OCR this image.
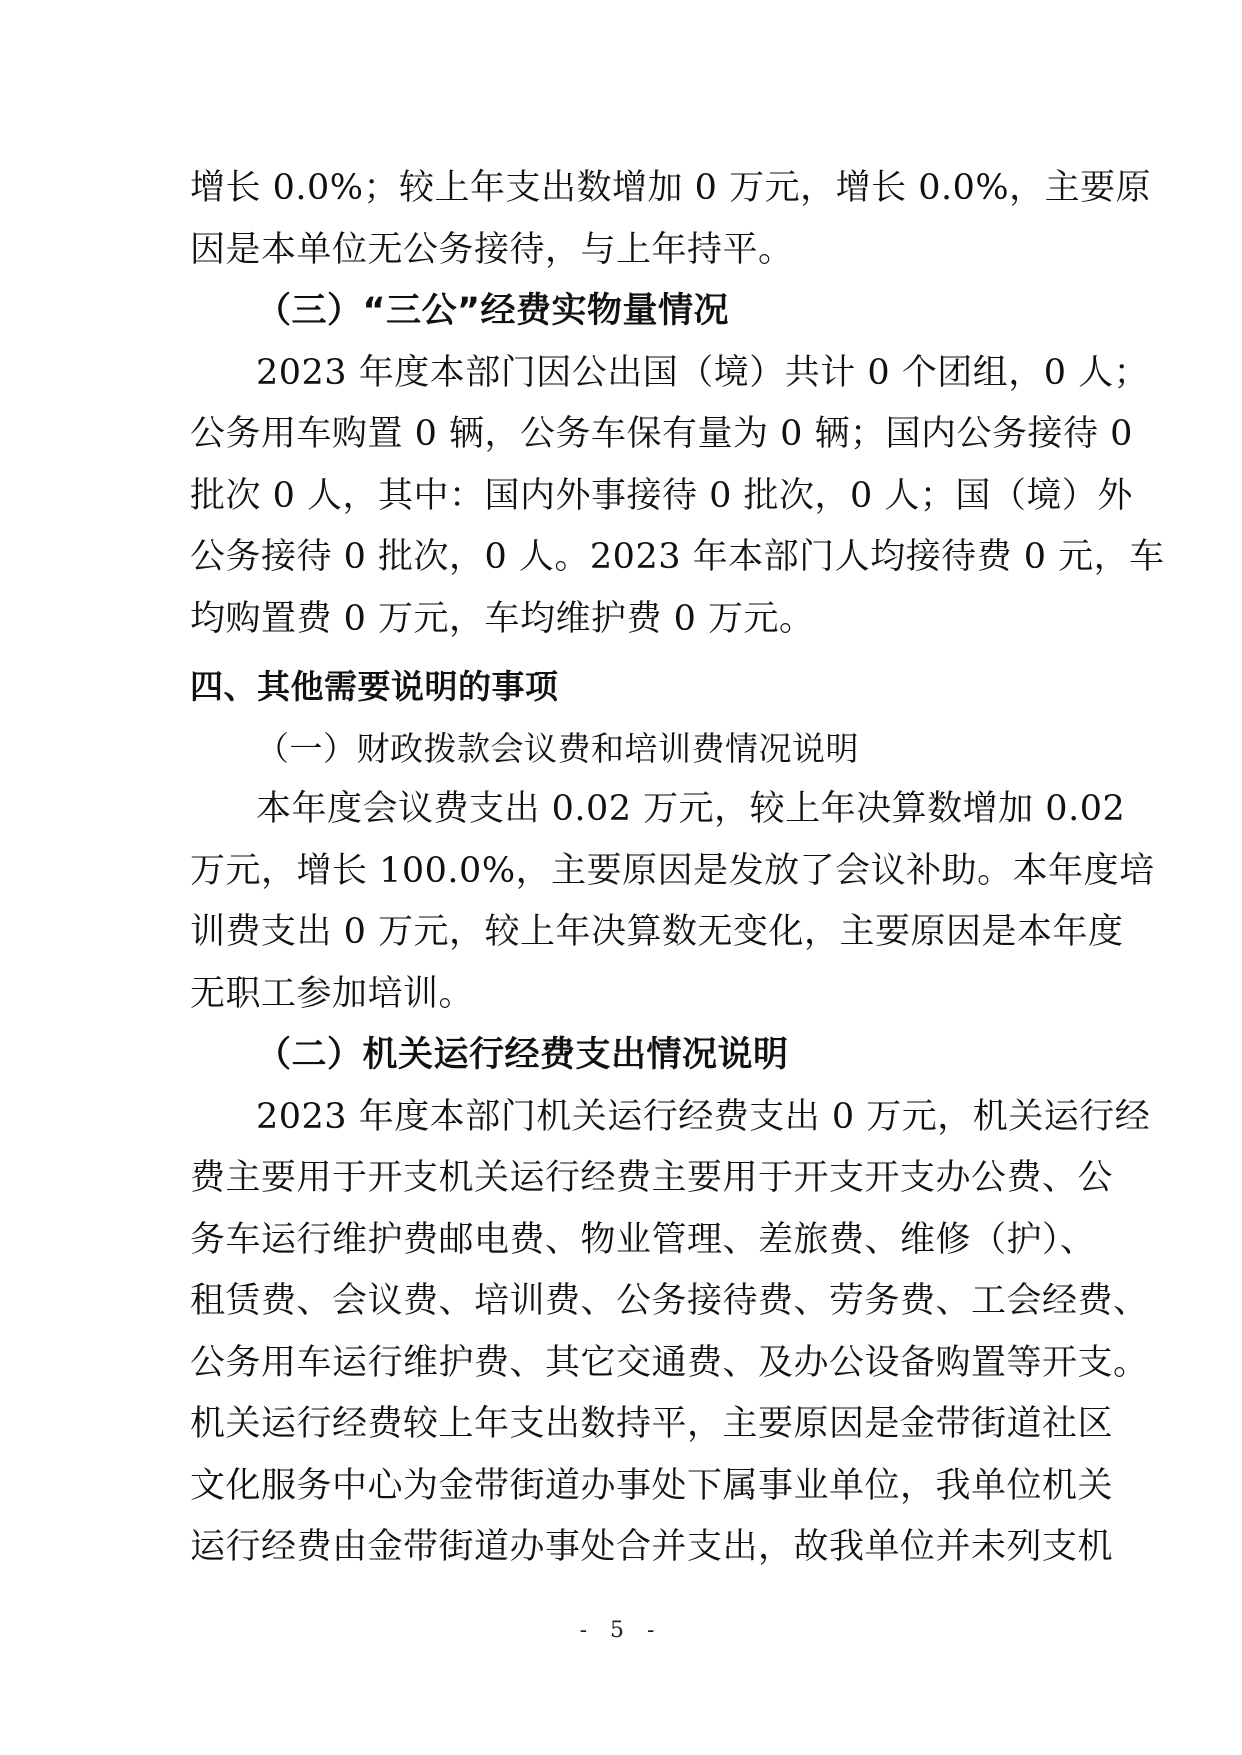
增长 0.0%；较上年支出数增加 0 万元，增长 0.0%，主要原
因是本单位无公务接待，与上年持平。
（三）“三公”经费实物量情况
2023 年度本部门因公出国（境）共计 0 个团组，0 人；
公务用车购置 0 辆，公务车保有量为 0 辆；国内公务接待 0
批次 0 人，其中：国内外事接待 0 批次，0 人；国（境）外
公务接待 0 批次，0 人。2023 年本部门人均接待费 0 元，车
均购置费 0 万元，车均维护费 0 万元。
四、其他需要说明的事项
（一）财政拨款会议费和培训费情况说明
本年度会议费支出 0.02 万元，较上年决算数增加 0.02
万元，增长 100.0%，主要原因是发放了会议补助。本年度培
训费支出 0 万元，较上年决算数无变化，主要原因是本年度
无职工参加培训。
（二）机关运行经费支出情况说明
2023 年度本部门机关运行经费支出 0 万元，机关运行经
费主要用于开支机关运行经费主要用于开支开支办公费、公
务车运行维护费邮电费、物业管理、差旅费、维修（护）、
租赁费、会议费、培训费、公务接待费、劳务费、工会经费、
公务用车运行维护费、其它交通费、及办公设备购置等开支。
机关运行经费较上年支出数持平，主要原因是金带街道社区
文化服务中心为金带街道办事处下属事业单位，我单位机关
运行经费由金带街道办事处合并支出，故我单位并未列支机
- 5 -
